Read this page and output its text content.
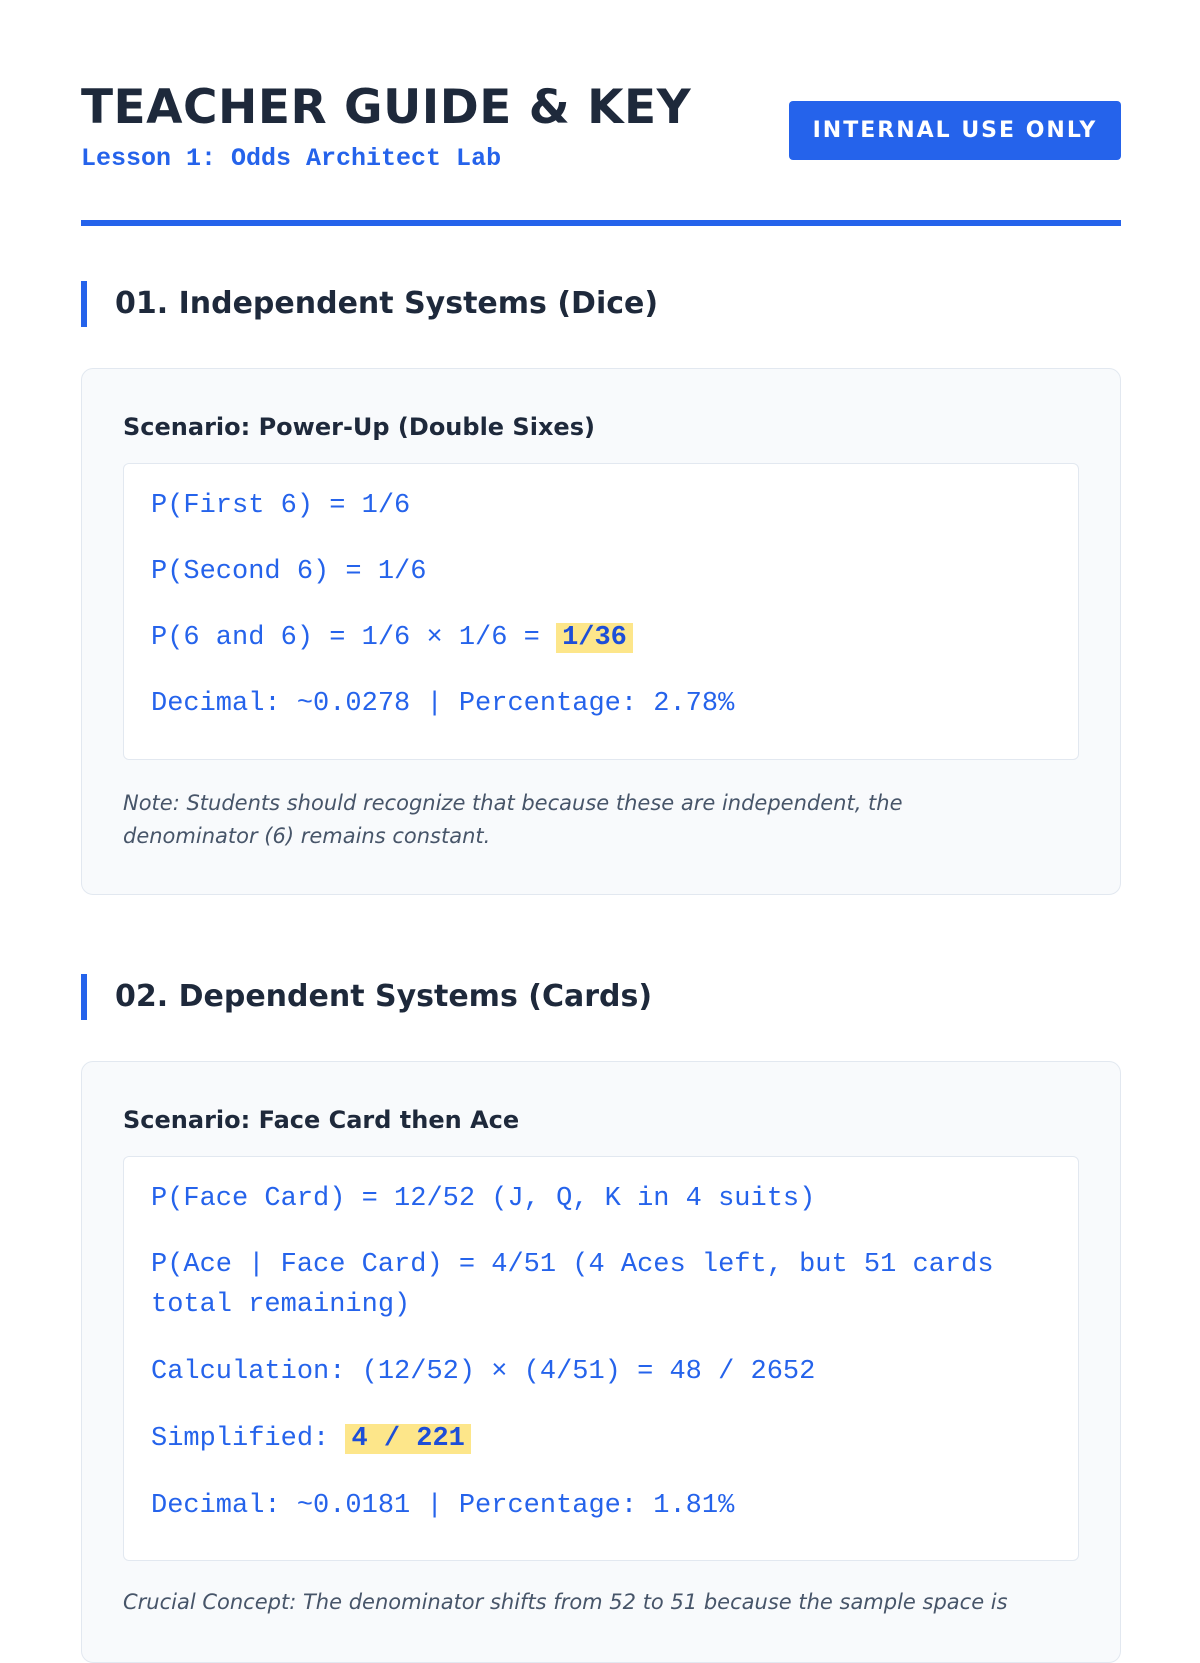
TEACHER GUIDE & KEY
Lesson 1: Odds Architect Lab
INTERNAL USE ONLY
01. Independent Systems (Dice)
Scenario: Power-Up (Double Sixes)
P(First 6) = 1/6
P(Second 6) = 1/6
P(6 and 6) = 1/6 × 1/6 = 1/36
Decimal: ~0.0278 | Percentage: 2.78%
Note: Students should recognize that because these are independent, the denominator (6) remains constant.
02. Dependent Systems (Cards)
Scenario: Face Card then Ace
P(Face Card) = 12/52 (J, Q, K in 4 suits)
P(Ace | Face Card) = 4/51 (4 Aces left, but 51 cards
total remaining)
Calculation: (12/52) × (4/51) = 48 / 2652
Simplified: 4 / 221
Decimal: ~0.0181 | Percentage: 1.81%
Crucial Concept: The denominator shifts from 52 to 51 because the sample space is
